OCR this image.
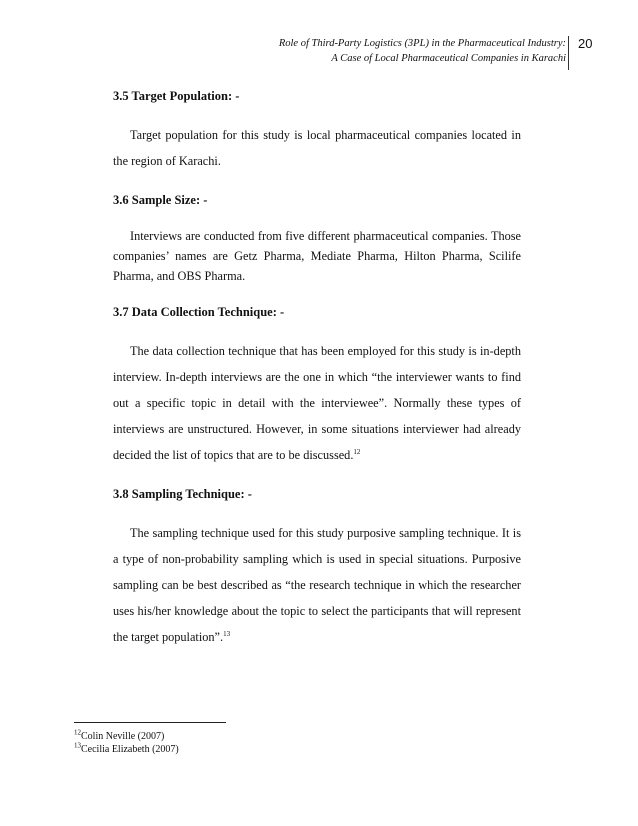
Role of Third-Party Logistics (3PL) in the Pharmaceutical Industry:
A Case of Local Pharmaceutical Companies in Karachi
20

3.5 Target Population: -

Target population for this study is local pharmaceutical companies located in the region of Karachi.

3.6 Sample Size: -

Interviews are conducted from five different pharmaceutical companies. Those companies’ names are Getz Pharma, Mediate Pharma, Hilton Pharma, Scilife Pharma, and OBS Pharma.

3.7 Data Collection Technique: -

The data collection technique that has been employed for this study is in-depth interview. In-depth interviews are the one in which “the interviewer wants to find out a specific topic in detail with the interviewee”. Normally these types of interviews are unstructured. However, in some situations interviewer had already decided the list of topics that are to be discussed.$^{12}$

3.8 Sampling Technique: -

The sampling technique used for this study purposive sampling technique. It is a type of non-probability sampling which is used in special situations. Purposive sampling can be best described as “the research technique in which the researcher uses his/her knowledge about the topic to select the participants that will represent the target population”.$^{13}$

$^{12}$Colin Neville (2007)
$^{13}$Cecilia Elizabeth (2007)
